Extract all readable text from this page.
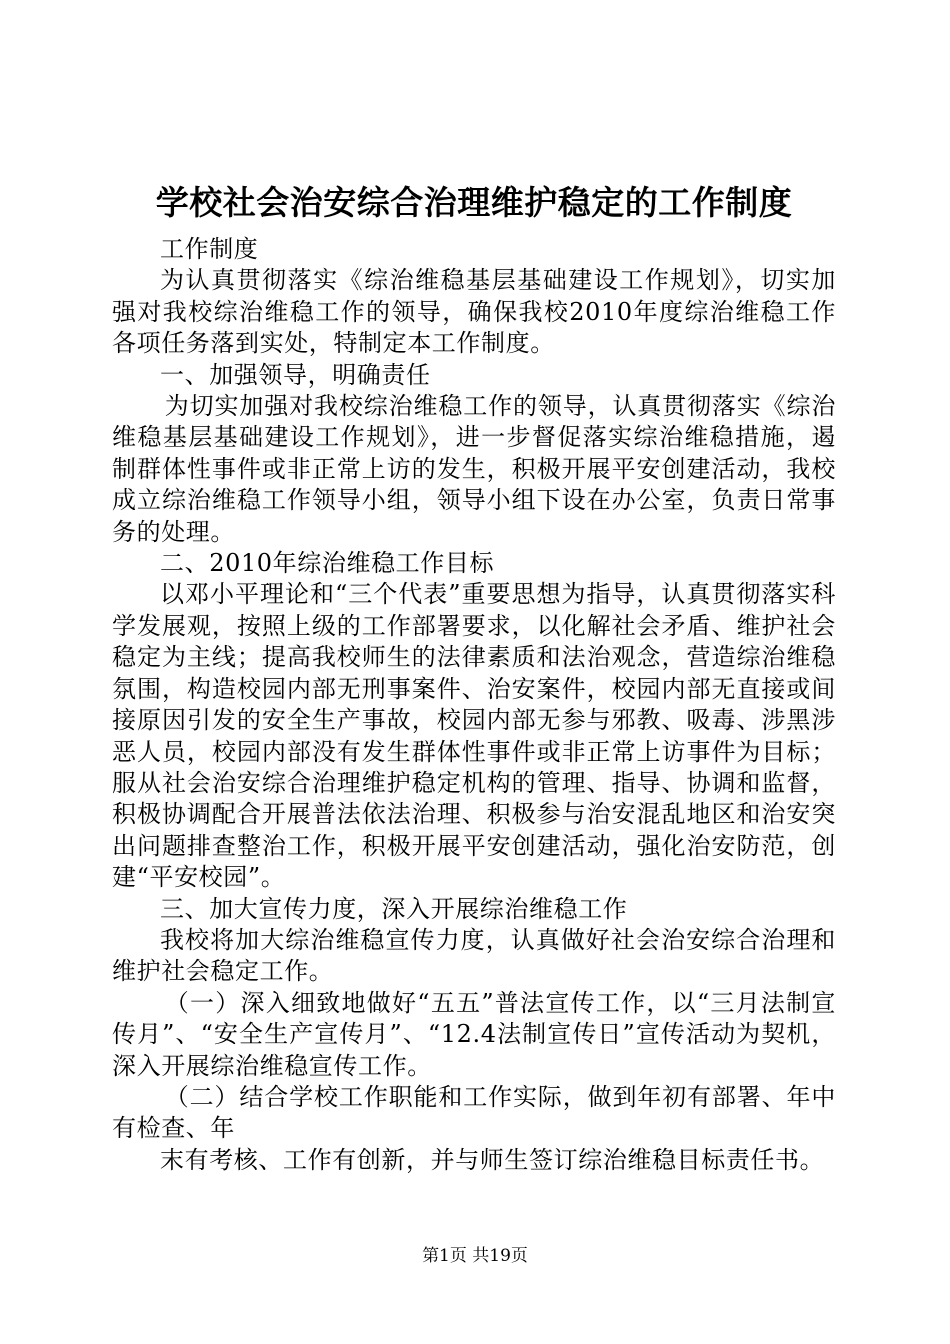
学校社会治安综合治理维护稳定的工作制度

工作制度

为认真贯彻落实《综治维稳基层基础建设工作规划》，切实加强对我校综治维稳工作的领导，确保我校2010年度综治维稳工作各项任务落到实处，特制定本工作制度。

一、加强领导，明确责任

为切实加强对我校综治维稳工作的领导，认真贯彻落实《综治维稳基层基础建设工作规划》，进一步督促落实综治维稳措施，遏制群体性事件或非正常上访的发生，积极开展平安创建活动，我校成立综治维稳工作领导小组，领导小组下设在办公室，负责日常事务的处理。

二、2010年综治维稳工作目标

以邓小平理论和“三个代表”重要思想为指导，认真贯彻落实科学发展观，按照上级的工作部署要求，以化解社会矛盾、维护社会稳定为主线；提高我校师生的法律素质和法治观念，营造综治维稳氛围，构造校园内部无刑事案件、治安案件，校园内部无直接或间接原因引发的安全生产事故，校园内部无参与邪教、吸毒、涉黑涉恶人员，校园内部没有发生群体性事件或非正常上访事件为目标；服从社会治安综合治理维护稳定机构的管理、指导、协调和监督，积极协调配合开展普法依法治理、积极参与治安混乱地区和治安突出问题排查整治工作，积极开展平安创建活动，强化治安防范，创建“平安校园”。

三、加大宣传力度，深入开展综治维稳工作

我校将加大综治维稳宣传力度，认真做好社会治安综合治理和维护社会稳定工作。

（一）深入细致地做好“五五”普法宣传工作，以“三月法制宣传月”、“安全生产宣传月”、“12.4法制宣传日”宣传活动为契机，深入开展综治维稳宣传工作。

（二）结合学校工作职能和工作实际，做到年初有部署、年中有检查、年

末有考核、工作有创新，并与师生签订综治维稳目标责任书。

第1页 共19页
